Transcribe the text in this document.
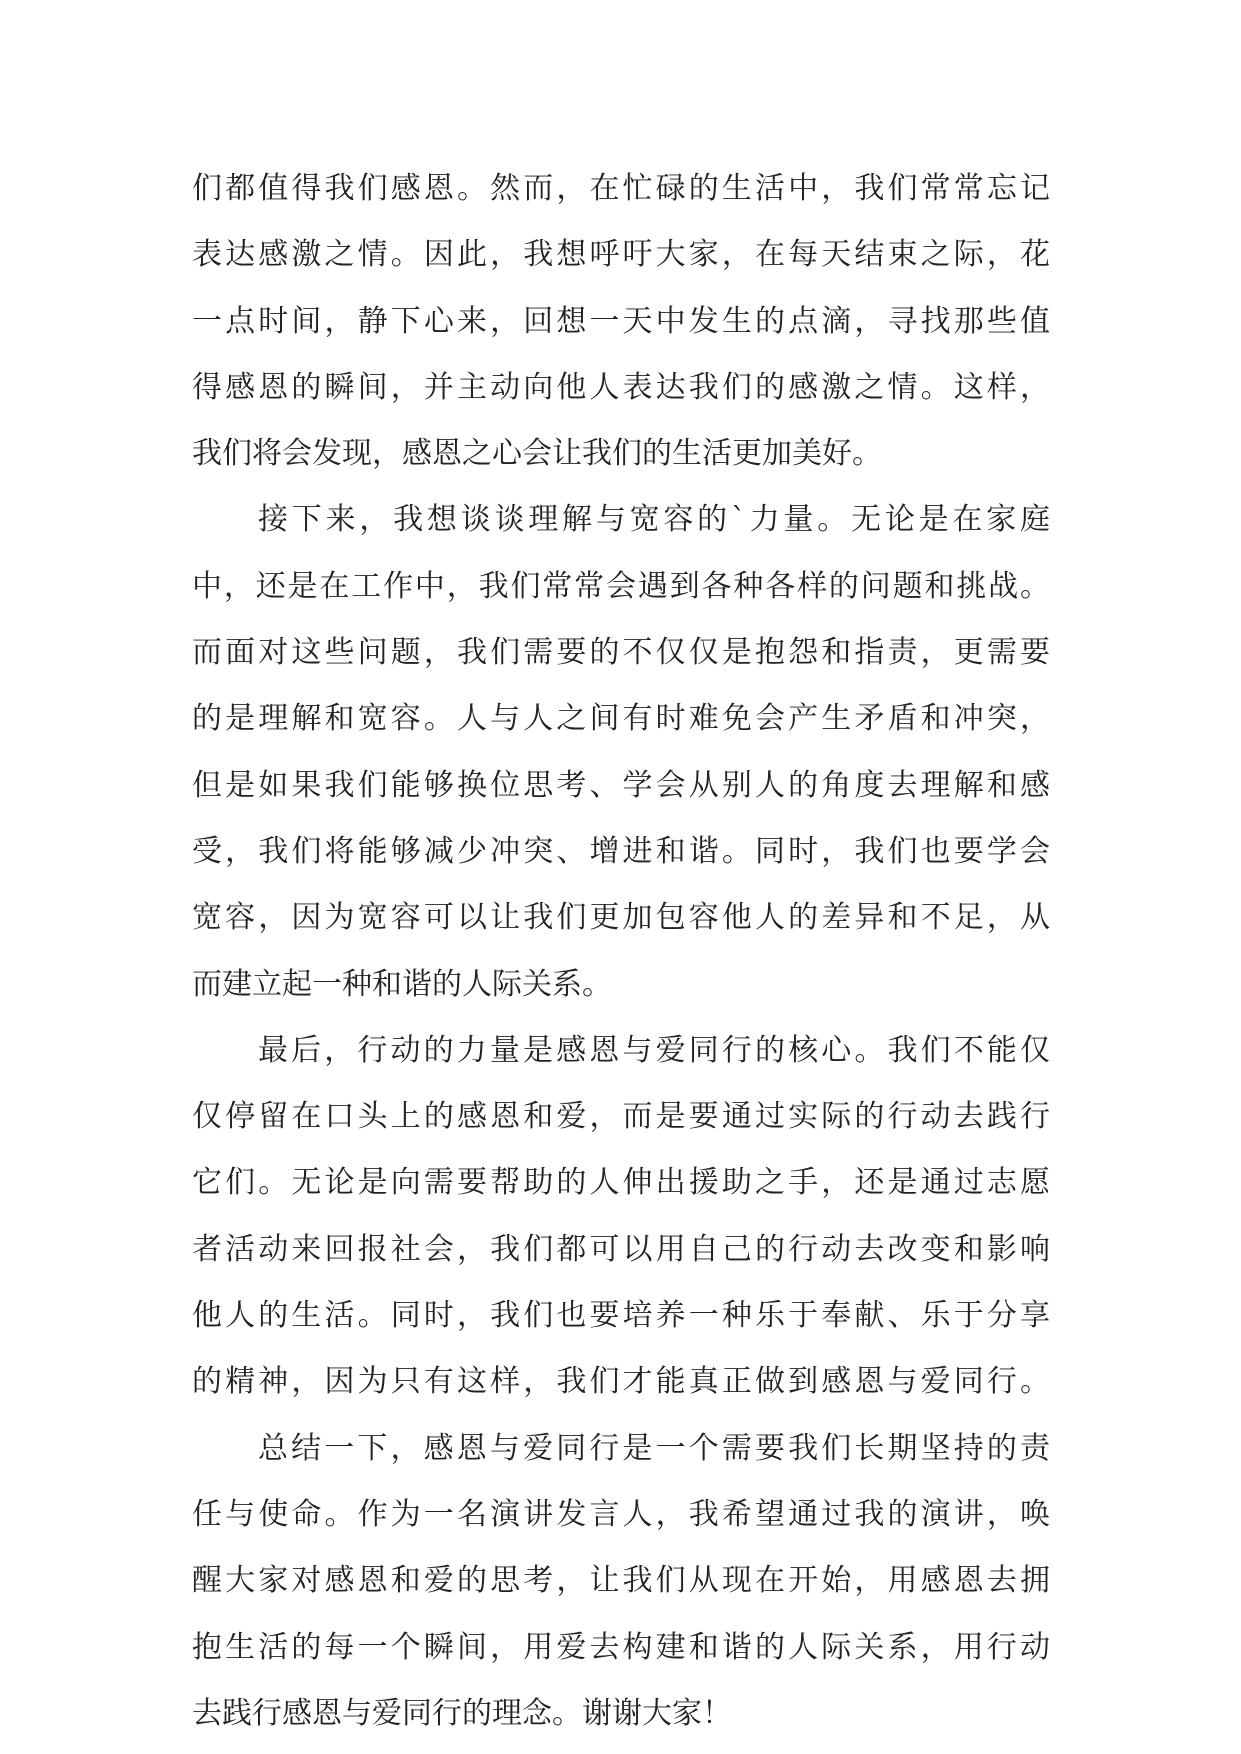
们都值得我们感恩。然而，在忙碌的生活中，我们常常忘记
表达感激之情。因此，我想呼吁大家，在每天结束之际，花
一点时间，静下心来，回想一天中发生的点滴，寻找那些值
得感恩的瞬间，并主动向他人表达我们的感激之情。这样，
我们将会发现，感恩之心会让我们的生活更加美好。
接下来，我想谈谈理解与宽容的`力量。无论是在家庭
中，还是在工作中，我们常常会遇到各种各样的问题和挑战。
而面对这些问题，我们需要的不仅仅是抱怨和指责，更需要
的是理解和宽容。人与人之间有时难免会产生矛盾和冲突，
但是如果我们能够换位思考、学会从别人的角度去理解和感
受，我们将能够减少冲突、增进和谐。同时，我们也要学会
宽容，因为宽容可以让我们更加包容他人的差异和不足，从
而建立起一种和谐的人际关系。
最后，行动的力量是感恩与爱同行的核心。我们不能仅
仅停留在口头上的感恩和爱，而是要通过实际的行动去践行
它们。无论是向需要帮助的人伸出援助之手，还是通过志愿
者活动来回报社会，我们都可以用自己的行动去改变和影响
他人的生活。同时，我们也要培养一种乐于奉献、乐于分享
的精神，因为只有这样，我们才能真正做到感恩与爱同行。
总结一下，感恩与爱同行是一个需要我们长期坚持的责
任与使命。作为一名演讲发言人，我希望通过我的演讲，唤
醒大家对感恩和爱的思考，让我们从现在开始，用感恩去拥
抱生活的每一个瞬间，用爱去构建和谐的人际关系，用行动
去践行感恩与爱同行的理念。谢谢大家！
